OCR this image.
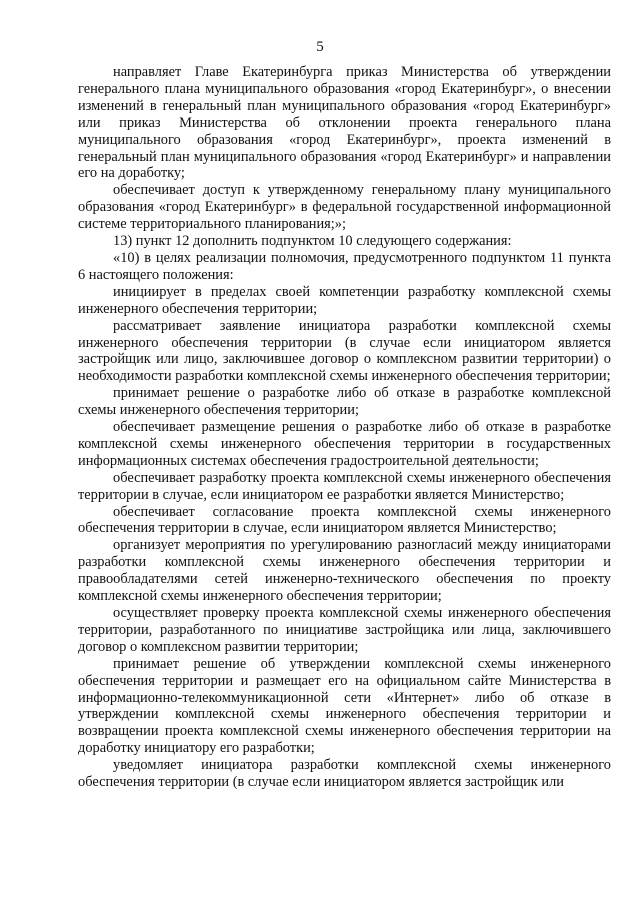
5

направляет Главе Екатеринбурга приказ Министерства об утверждении генерального плана муниципального образования «город Екатеринбург», о внесении изменений в генеральный план муниципального образования «город Екатеринбург» или приказ Министерства об отклонении проекта генерального плана муниципального образования «город Екатеринбург», проекта изменений в генеральный план муниципального образования «город Екатеринбург» и направлении его на доработку;

обеспечивает доступ к утвержденному генеральному плану муниципального образования «город Екатеринбург» в федеральной государственной информационной системе территориального планирования;»;

13) пункт 12 дополнить подпунктом 10 следующего содержания:

«10) в целях реализации полномочия, предусмотренного подпунктом 11 пункта 6 настоящего положения:

инициирует в пределах своей компетенции разработку комплексной схемы инженерного обеспечения территории;

рассматривает заявление инициатора разработки комплексной схемы инженерного обеспечения территории (в случае если инициатором является застройщик или лицо, заключившее договор о комплексном развитии территории) о необходимости разработки комплексной схемы инженерного обеспечения территории;

принимает решение о разработке либо об отказе в разработке комплексной схемы инженерного обеспечения территории;

обеспечивает размещение решения о разработке либо об отказе в разработке комплексной схемы инженерного обеспечения территории в государственных информационных системах обеспечения градостроительной деятельности;

обеспечивает разработку проекта комплексной схемы инженерного обеспечения территории в случае, если инициатором ее разработки является Министерство;

обеспечивает согласование проекта комплексной схемы инженерного обеспечения территории в случае, если инициатором является Министерство;

организует мероприятия по урегулированию разногласий между инициаторами разработки комплексной схемы инженерного обеспечения территории и правообладателями сетей инженерно-технического обеспечения по проекту комплексной схемы инженерного обеспечения территории;

осуществляет проверку проекта комплексной схемы инженерного обеспечения территории, разработанного по инициативе застройщика или лица, заключившего договор о комплексном развитии территории;

принимает решение об утверждении комплексной схемы инженерного обеспечения территории и размещает его на официальном сайте Министерства в информационно-телекоммуникационной сети «Интернет» либо об отказе в утверждении комплексной схемы инженерного обеспечения территории и возвращении проекта комплексной схемы инженерного обеспечения территории на доработку инициатору его разработки;

уведомляет инициатора разработки комплексной схемы инженерного обеспечения территории (в случае если инициатором является застройщик или
